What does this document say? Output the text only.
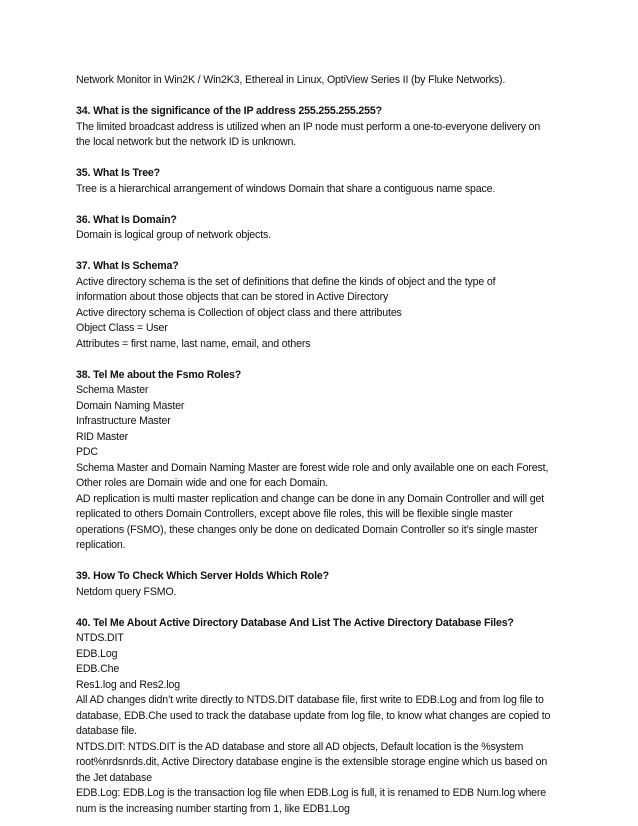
Network Monitor in Win2K / Win2K3, Ethereal in Linux, OptiView Series II (by Fluke Networks).
34. What is the significance of the IP address 255.255.255.255?
The limited broadcast address is utilized when an IP node must perform a one-to-everyone delivery on
the local network but the network ID is unknown.
35. What Is Tree?
Tree is a hierarchical arrangement of windows Domain that share a contiguous name space.
36. What Is Domain?
Domain is logical group of network objects.
37. What Is Schema?
Active directory schema is the set of definitions that define the kinds of object and the type of
information about those objects that can be stored in Active Directory
Active directory schema is Collection of object class and there attributes
Object Class = User
Attributes = first name, last name, email, and others
38. Tel Me about the Fsmo Roles?
Schema Master
Domain Naming Master
Infrastructure Master
RID Master
PDC
Schema Master and Domain Naming Master are forest wide role and only available one on each Forest,
Other roles are Domain wide and one for each Domain.
AD replication is multi master replication and change can be done in any Domain Controller and will get
replicated to others Domain Controllers, except above file roles, this will be flexible single master
operations (FSMO), these changes only be done on dedicated Domain Controller so it’s single master
replication.
39. How To Check Which Server Holds Which Role?
Netdom query FSMO.
40. Tel Me About Active Directory Database And List The Active Directory Database Files?
NTDS.DIT
EDB.Log
EDB.Che
Res1.log and Res2.log
All AD changes didn’t write directly to NTDS.DIT database file, first write to EDB.Log and from log file to
database, EDB.Che used to track the database update from log file, to know what changes are copied to
database file.
NTDS.DIT: NTDS.DIT is the AD database and store all AD objects, Default location is the %system
root%nrdsnrds.dit, Active Directory database engine is the extensible storage engine which us based on
the Jet database
EDB.Log: EDB.Log is the transaction log file when EDB.Log is full, it is renamed to EDB Num.log where
num is the increasing number starting from 1, like EDB1.Log
